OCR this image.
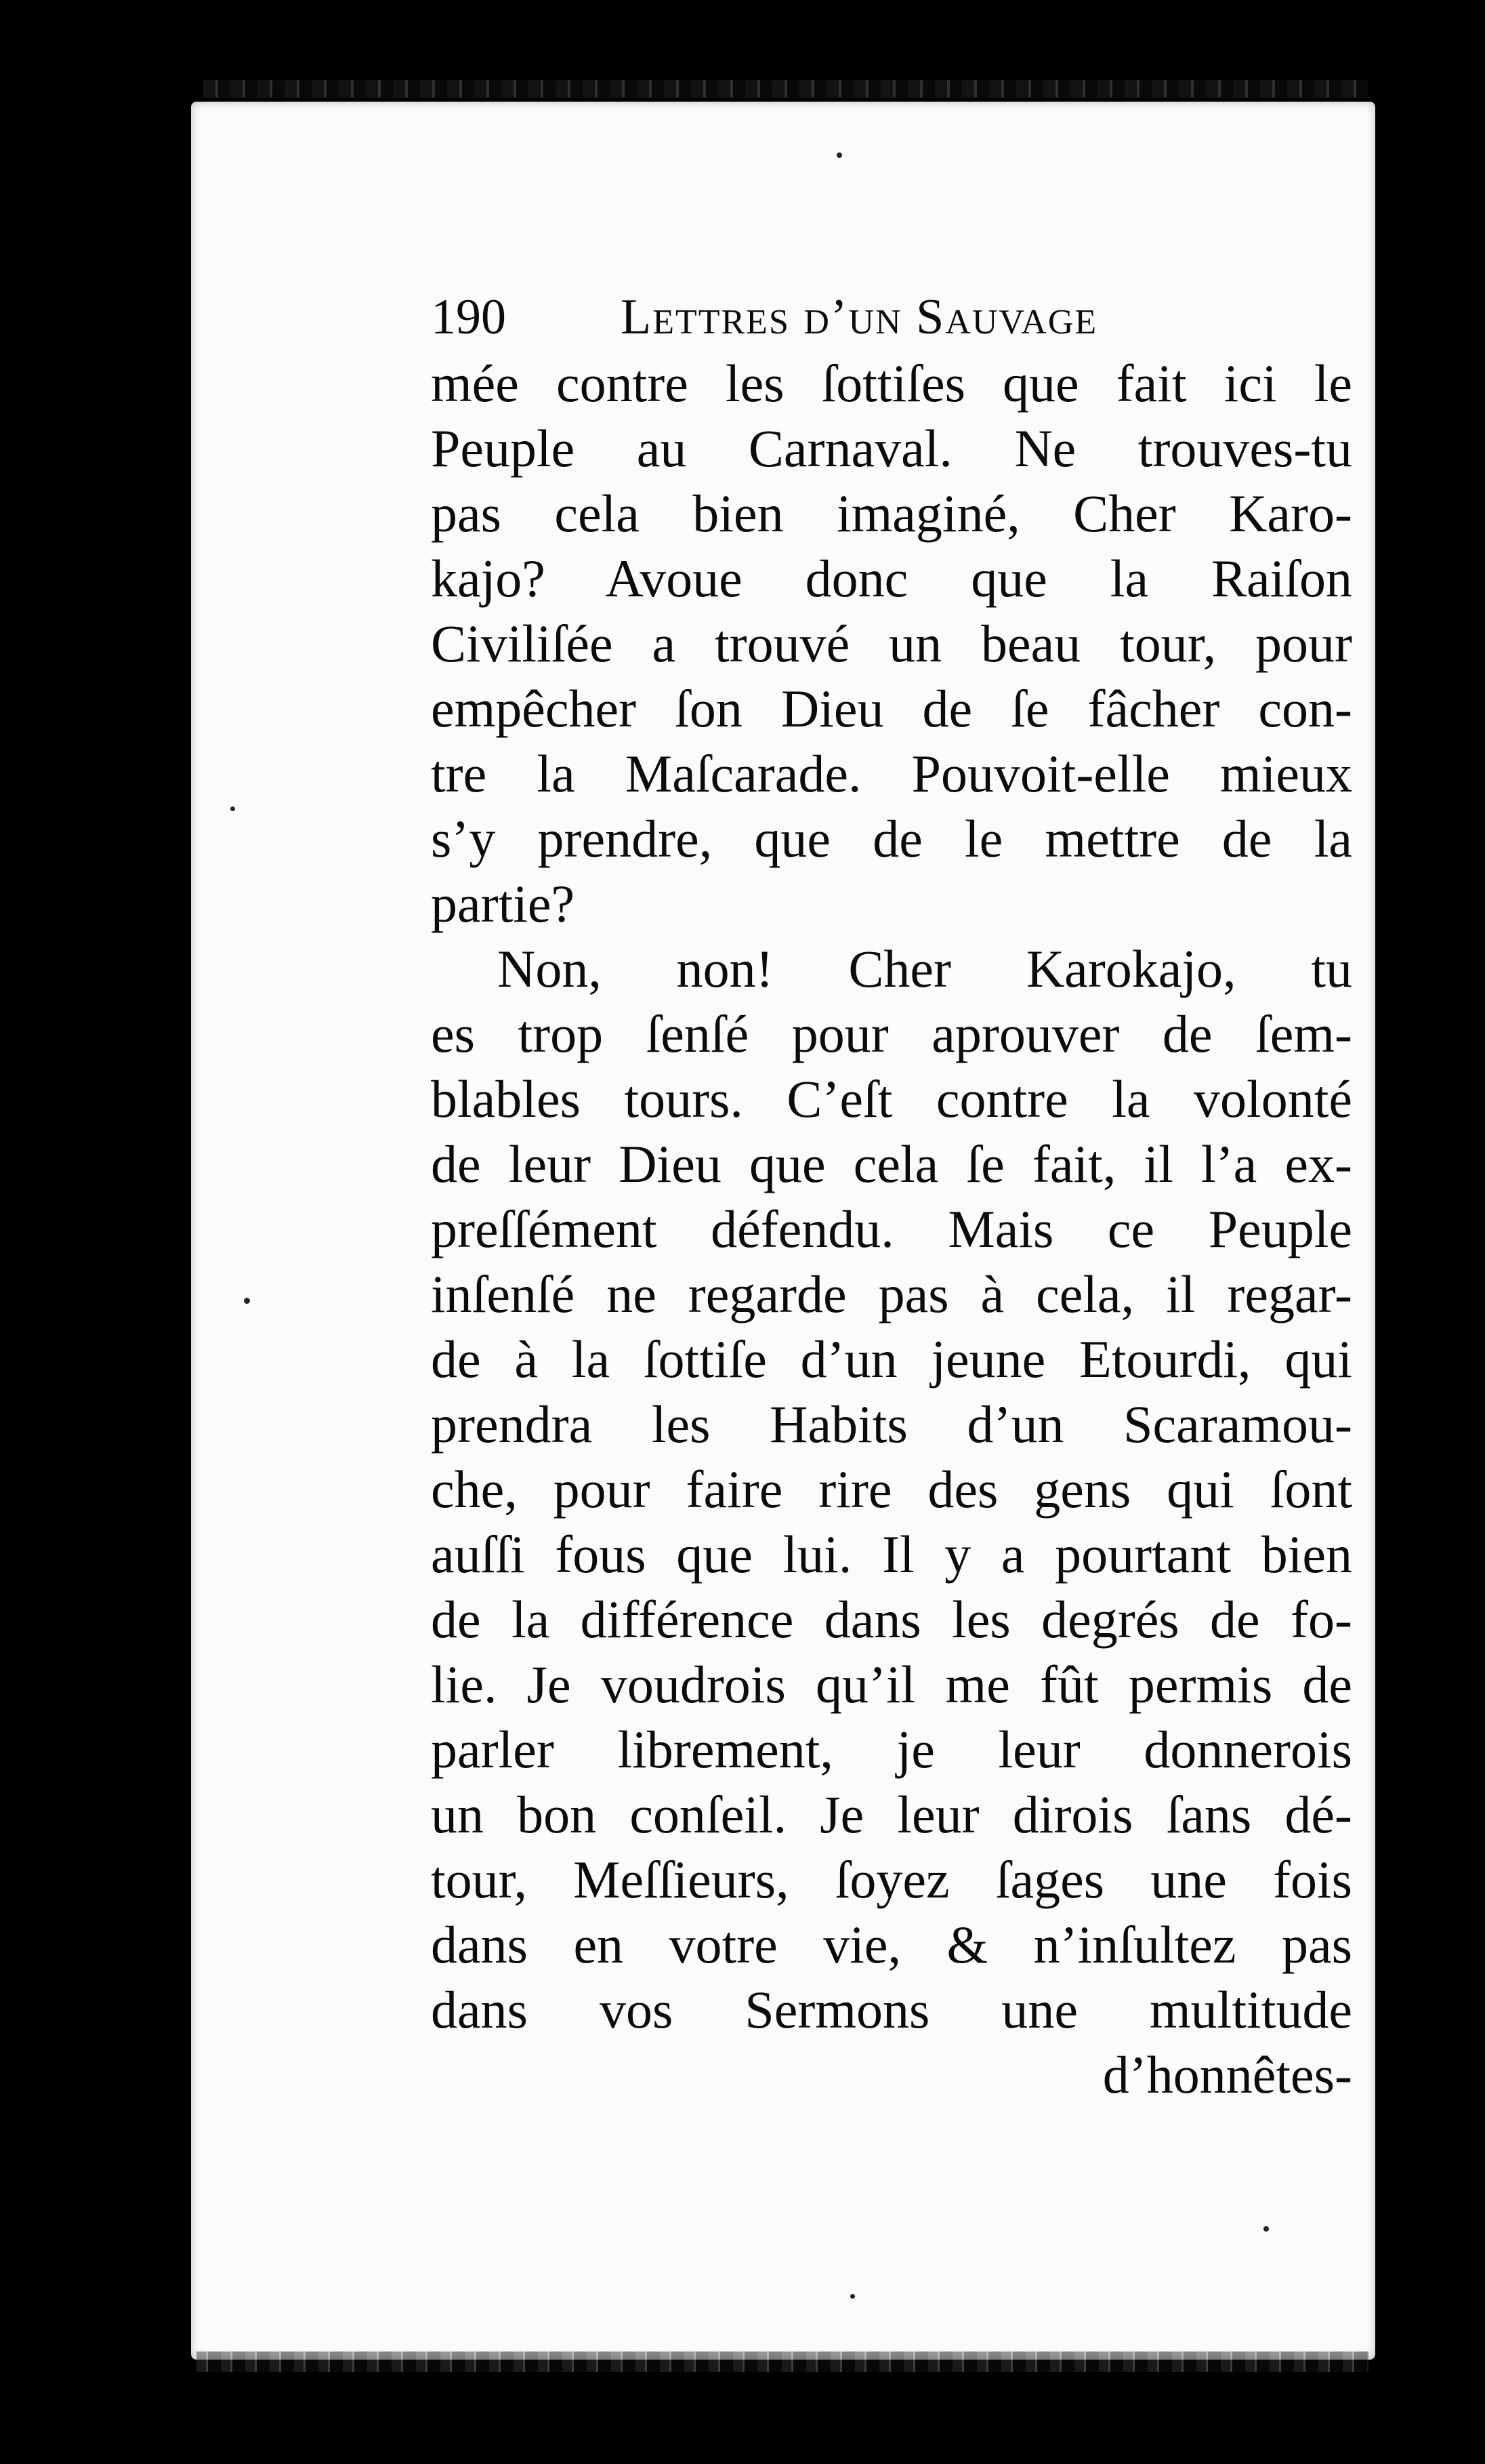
190	Lettres d’un Sauvage
mée contre les ſottiſes que fait ici le
Peuple au Carnaval. Ne trouves-tu
pas cela bien imaginé, Cher Karo-
kajo? Avoue donc que la Raiſon
Civiliſée a trouvé un beau tour, pour
empêcher ſon Dieu de ſe fâcher con-
tre la Maſcarade. Pouvoit-elle mieux
s’y prendre, que de le mettre de la
partie?
Non, non! Cher Karokajo, tu
es trop ſenſé pour aprouver de ſem-
blables tours. C’eſt contre la volonté
de leur Dieu que cela ſe fait, il l’a ex-
preſſément défendu. Mais ce Peuple
inſenſé ne regarde pas à cela, il regar-
de à la ſottiſe d’un jeune Etourdi, qui
prendra les Habits d’un Scaramou-
che, pour faire rire des gens qui ſont
auſſi fous que lui. Il y a pourtant bien
de la différence dans les degrés de fo-
lie. Je voudrois qu’il me fût permis de
parler librement, je leur donnerois
un bon conſeil. Je leur dirois ſans dé-
tour, Meſſieurs, ſoyez ſages une fois
dans en votre vie, & n’inſultez pas
dans vos Sermons une multitude
d’honnêtes-
